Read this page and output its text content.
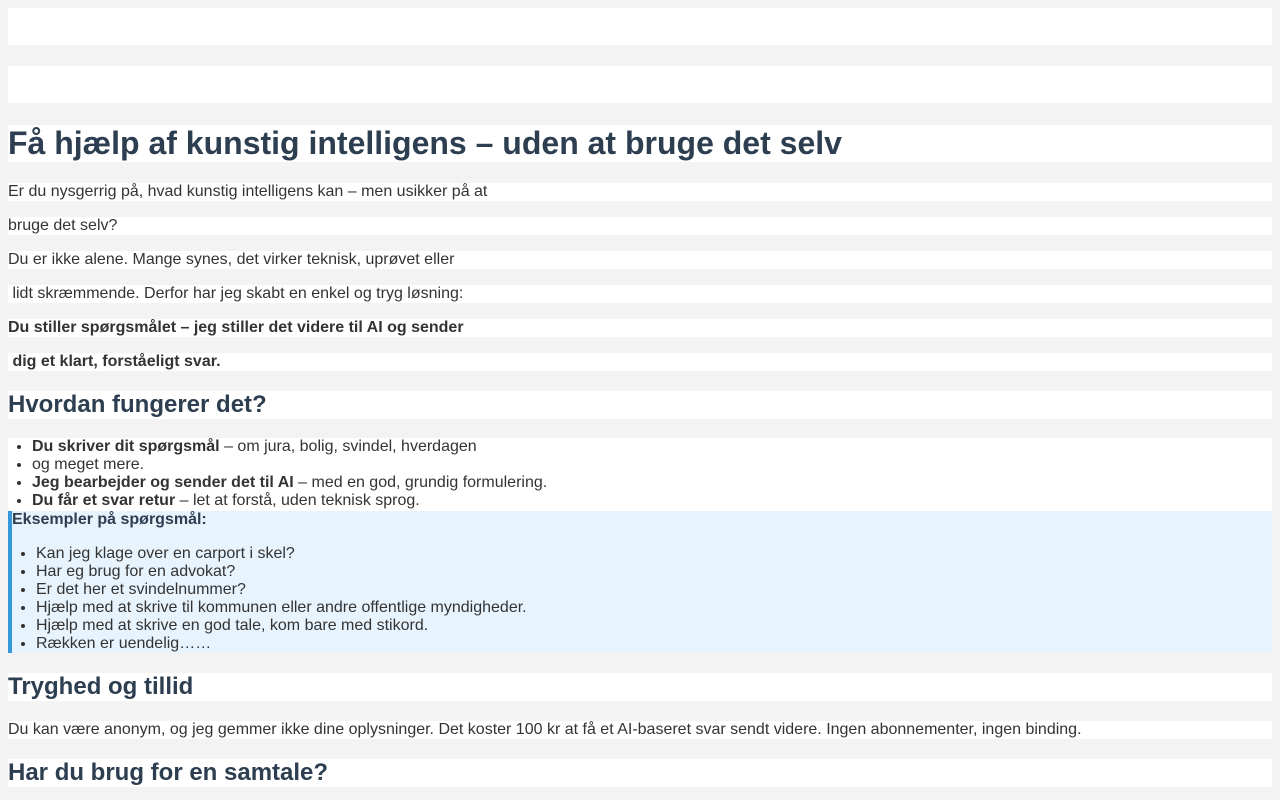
Få hjælp af kunstig intelligens – uden at bruge det selv

Er du nysgerrig på, hvad kunstig intelligens kan – men usikker på at

bruge det selv?

Du er ikke alene. Mange synes, det virker teknisk, uprøvet eller

lidt skræmmende. Derfor har jeg skabt en enkel og tryg løsning:

Du stiller spørgsmålet – jeg stiller det videre til AI og sender

dig et klart, forståeligt svar.

Hvordan fungerer det?
• Du skriver dit spørgsmål – om jura, bolig, svindel, hverdagen
• og meget mere.
• Jeg bearbejder og sender det til AI – med en god, grundig formulering.
• Du får et svar retur – let at forstå, uden teknisk sprog.

Eksempler på spørgsmål:

• Kan jeg klage over en carport i skel?
• Har eg brug for en advokat?
• Er det her et svindelnummer?
• Hjælp med at skrive til kommunen eller andre offentlige myndigheder.
• Hjælp med at skrive en god tale, kom bare med stikord.
• Rækken er uendelig……
Tryghed og tillid

Du kan være anonym, og jeg gemmer ikke dine oplysninger. Det koster 100 kr at få et AI-baseret svar sendt videre. Ingen abonnementer, ingen binding.

Har du brug for en samtale?
